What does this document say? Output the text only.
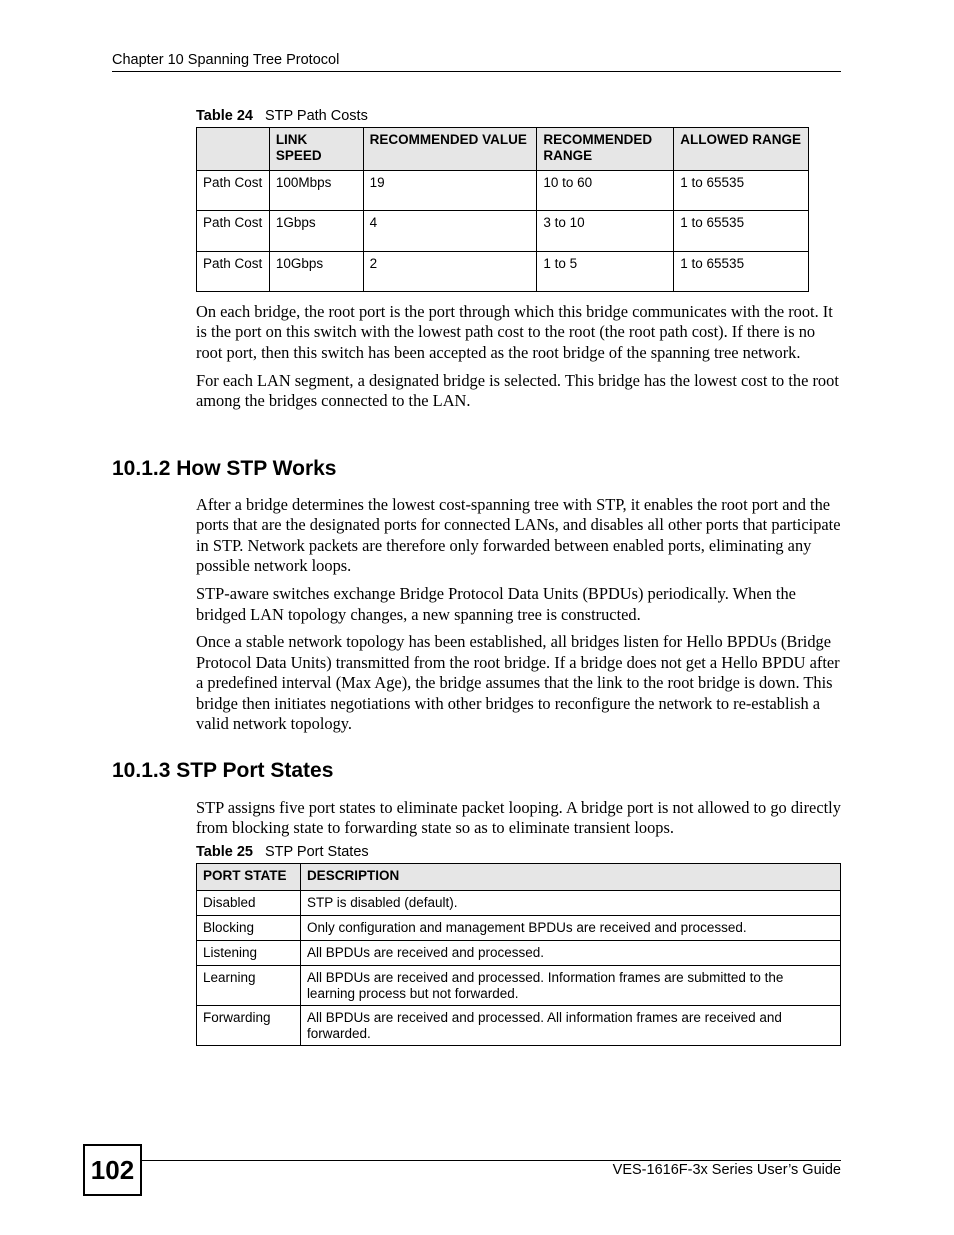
Chapter 10 Spanning Tree Protocol
Table 24 STP Path Costs
	LINK SPEED	RECOMMENDED VALUE	RECOMMENDED RANGE	ALLOWED RANGE
Path Cost	100Mbps	19	10 to 60	1 to 65535
Path Cost	1Gbps	4	3 to 10	1 to 65535
Path Cost	10Gbps	2	1 to 5	1 to 65535

On each bridge, the root port is the port through which this bridge communicates with the root. It is the port on this switch with the lowest path cost to the root (the root path cost). If there is no root port, then this switch has been accepted as the root bridge of the spanning tree network.

For each LAN segment, a designated bridge is selected. This bridge has the lowest cost to the root among the bridges connected to the LAN.

10.1.2 How STP Works

After a bridge determines the lowest cost-spanning tree with STP, it enables the root port and the ports that are the designated ports for connected LANs, and disables all other ports that participate in STP. Network packets are therefore only forwarded between enabled ports, eliminating any possible network loops.

STP-aware switches exchange Bridge Protocol Data Units (BPDUs) periodically. When the bridged LAN topology changes, a new spanning tree is constructed.

Once a stable network topology has been established, all bridges listen for Hello BPDUs (Bridge Protocol Data Units) transmitted from the root bridge. If a bridge does not get a Hello BPDU after a predefined interval (Max Age), the bridge assumes that the link to the root bridge is down. This bridge then initiates negotiations with other bridges to reconfigure the network to re-establish a valid network topology.

10.1.3 STP Port States

STP assigns five port states to eliminate packet looping. A bridge port is not allowed to go directly from blocking state to forwarding state so as to eliminate transient loops.

Table 25 STP Port States
PORT STATE	DESCRIPTION
Disabled	STP is disabled (default).
Blocking	Only configuration and management BPDUs are received and processed.
Listening	All BPDUs are received and processed.
Learning	All BPDUs are received and processed. Information frames are submitted to the learning process but not forwarded.
Forwarding	All BPDUs are received and processed. All information frames are received and forwarded.
102	VES-1616F-3x Series User’s Guide
